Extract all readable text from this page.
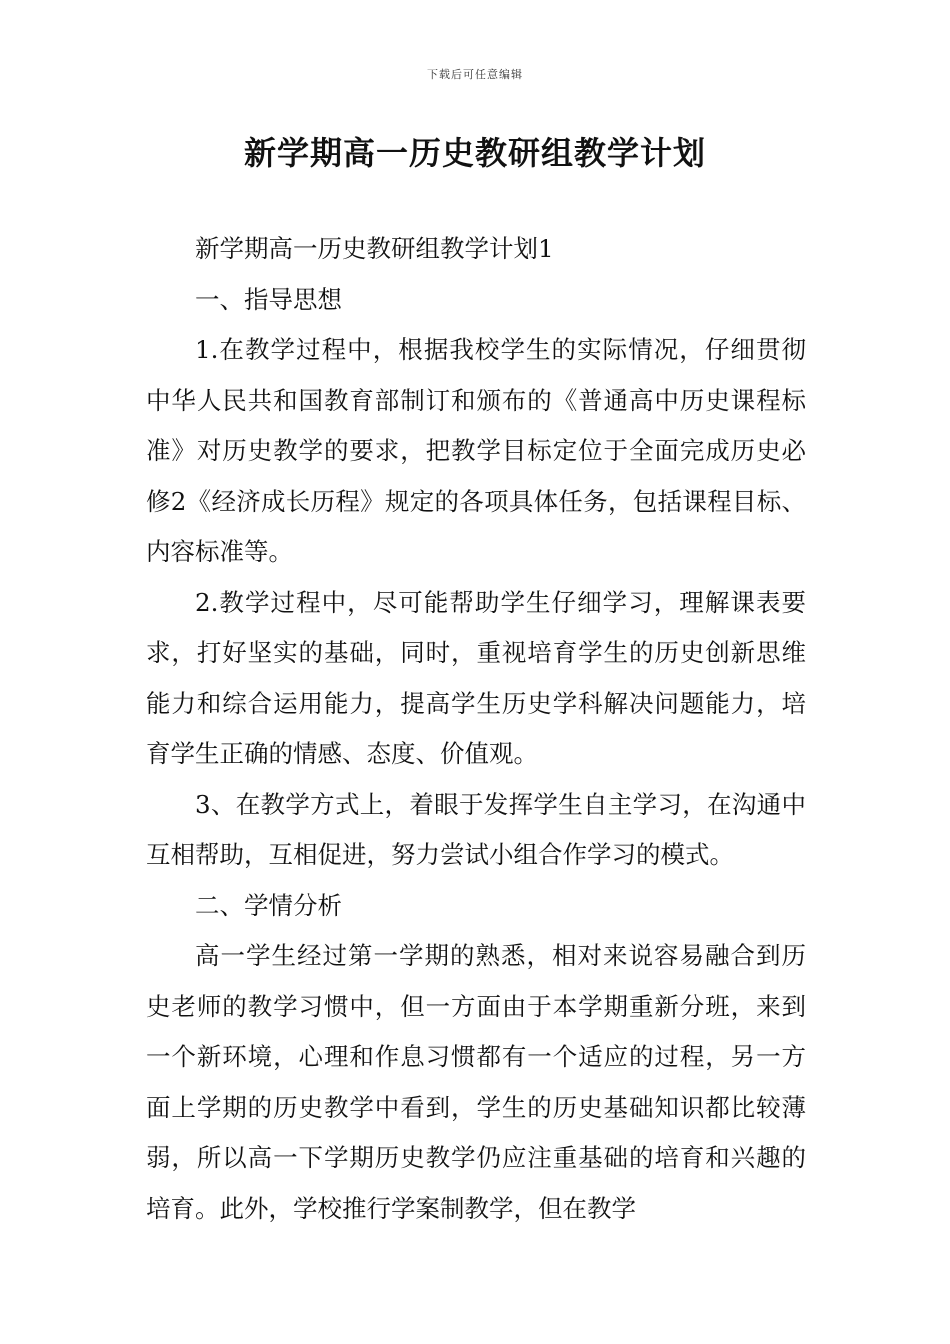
下载后可任意编辑
新学期高一历史教研组教学计划

新学期高一历史教研组教学计划1

一、指导思想

1.在教学过程中，根据我校学生的实际情况，仔细贯彻中华人民共和国教育部制订和颁布的《普通高中历史课程标准》对历史教学的要求，把教学目标定位于全面完成历史必修2《经济成长历程》规定的各项具体任务，包括课程目标、内容标准等。

2.教学过程中，尽可能帮助学生仔细学习，理解课表要求，打好坚实的基础，同时，重视培育学生的历史创新思维能力和综合运用能力，提高学生历史学科解决问题能力，培育学生正确的情感、态度、价值观。

3、在教学方式上，着眼于发挥学生自主学习，在沟通中互相帮助，互相促进，努力尝试小组合作学习的模式。

二、学情分析

高一学生经过第一学期的熟悉，相对来说容易融合到历史老师的教学习惯中，但一方面由于本学期重新分班，来到一个新环境，心理和作息习惯都有一个适应的过程，另一方面上学期的历史教学中看到，学生的历史基础知识都比较薄弱，所以高一下学期历史教学仍应注重基础的培育和兴趣的培育。此外，学校推行学案制教学，但在教学
